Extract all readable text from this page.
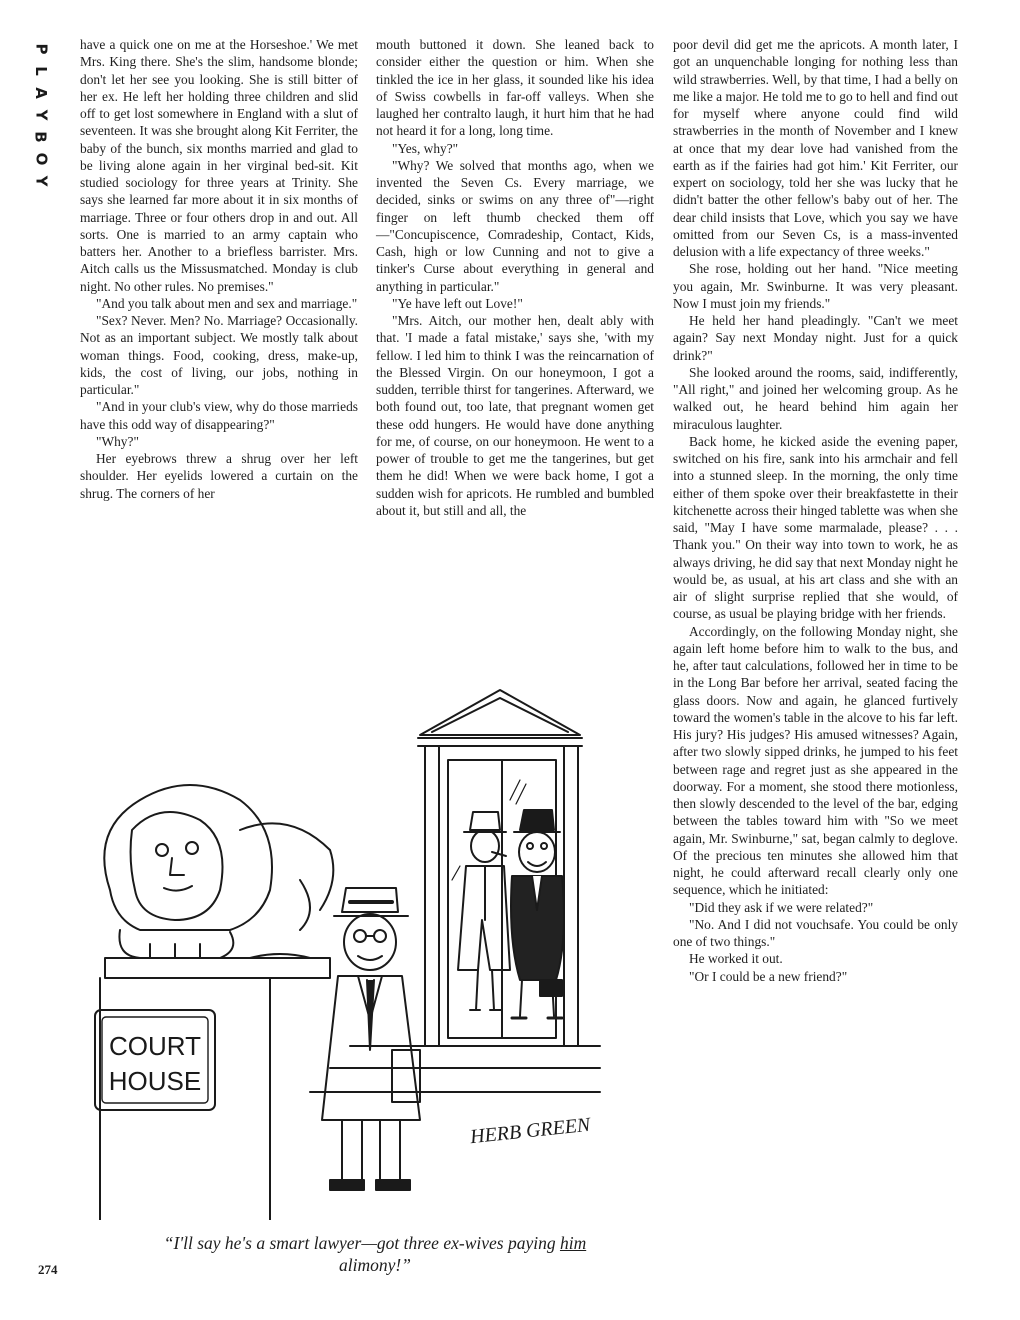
P
L
A
Y
B
O
Y

have a quick one on me at the Horseshoe.' We met Mrs. King there. She's the slim, handsome blonde; don't let her see you looking. She is still bitter of her ex. He left her holding three children and slid off to get lost somewhere in England with a slut of seventeen. It was she brought along Kit Ferriter, the baby of the bunch, six months married and glad to be living alone again in her virginal bed-sit. Kit studied sociology for three years at Trinity. She says she learned far more about it in six months of marriage. Three or four others drop in and out. All sorts. One is married to an army captain who batters her. Another to a briefless barrister. Mrs. Aitch calls us the Missusmatched. Monday is club night. No other rules. No premises."

"And you talk about men and sex and marriage."

"Sex? Never. Men? No. Marriage? Occasionally. Not as an important subject. We mostly talk about woman things. Food, cooking, dress, make-up, kids, the cost of living, our jobs, nothing in particular."

"And in your club's view, why do those marrieds have this odd way of disappearing?"

"Why?"

Her eyebrows threw a shrug over her left shoulder. Her eyelids lowered a curtain on the shrug. The corners of her

mouth buttoned it down. She leaned back to consider either the question or him. When she tinkled the ice in her glass, it sounded like his idea of Swiss cowbells in far-off valleys. When she laughed her contralto laugh, it hurt him that he had not heard it for a long, long time.

"Yes, why?"

"Why? We solved that months ago, when we invented the Seven Cs. Every marriage, we decided, sinks or swims on any three of"—right finger on left thumb checked them off—"Concupiscence, Comradeship, Contact, Kids, Cash, high or low Cunning and not to give a tinker's Curse about everything in general and anything in particular."

"Ye have left out Love!"

"Mrs. Aitch, our mother hen, dealt ably with that. 'I made a fatal mistake,' says she, 'with my fellow. I led him to think I was the reincarnation of the Blessed Virgin. On our honeymoon, I got a sudden, terrible thirst for tangerines. Afterward, we both found out, too late, that pregnant women get these odd hungers. He would have done anything for me, of course, on our honeymoon. He went to a power of trouble to get me the tangerines, but get them he did! When we were back home, I got a sudden wish for apricots. He rumbled and bumbled about it, but still and all, the

poor devil did get me the apricots. A month later, I got an unquenchable longing for nothing less than wild strawberries. Well, by that time, I had a belly on me like a major. He told me to go to hell and find out for myself where anyone could find wild strawberries in the month of November and I knew at once that my dear love had vanished from the earth as if the fairies had got him.' Kit Ferriter, our expert on sociology, told her she was lucky that he didn't batter the other fellow's baby out of her. The dear child insists that Love, which you say we have omitted from our Seven Cs, is a mass-invented delusion with a life expectancy of three weeks."

She rose, holding out her hand. "Nice meeting you again, Mr. Swinburne. It was very pleasant. Now I must join my friends."

He held her hand pleadingly. "Can't we meet again? Say next Monday night. Just for a quick drink?"

She looked around the rooms, said, indifferently, "All right," and joined her welcoming group. As he walked out, he heard behind him again her miraculous laughter.

Back home, he kicked aside the evening paper, switched on his fire, sank into his armchair and fell into a stunned sleep. In the morning, the only time either of them spoke over their breakfastette in their kitchenette across their hinged tablette was when she said, "May I have some marmalade, please? . . . Thank you." On their way into town to work, he as always driving, he did say that next Monday night he would be, as usual, at his art class and she with an air of slight surprise replied that she would, of course, as usual be playing bridge with her friends.

Accordingly, on the following Monday night, she again left home before him to walk to the bus, and he, after taut calculations, followed her in time to be in the Long Bar before her arrival, seated facing the glass doors. Now and again, he glanced furtively toward the women's table in the alcove to his far left. His jury? His judges? His amused witnesses? Again, after two slowly sipped drinks, he jumped to his feet between rage and regret just as she appeared in the doorway. For a moment, she stood there motionless, then slowly descended to the level of the bar, edging between the tables toward him with "So we meet again, Mr. Swinburne," sat, began calmly to deglove. Of the precious ten minutes she allowed him that night, he could afterward recall clearly only one sequence, which he initiated:

"Did they ask if we were related?"

"No. And I did not vouchsafe. You could be only one of two things."

He worked it out.

"Or I could be a new friend?"

COURT
HOUSE
HERB GREEN
“I'll say he's a smart lawyer—got three ex-wives paying him alimony!”
274
